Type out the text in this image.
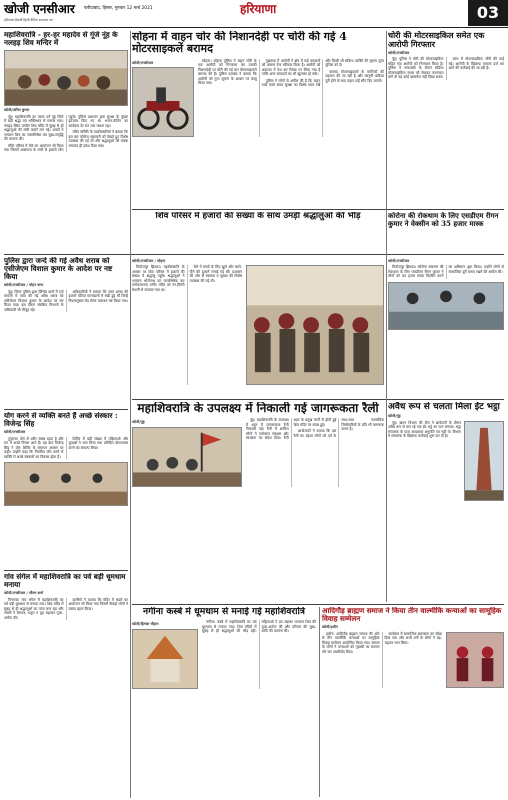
खोजी एनसीआर
हरियाणा-दिल्ली हिन्दी दैनिक समाचार पत्र
फरीदाबाद, हिसार, गुरुवार 12 मार्च 2021	हरियाणा	03
महाशिवरात्रि - हर-हर महादेव से गूंजे नूंह के नलहड़ शिव मन्दिर में
खोजी/अमित कुमार

नूंह। महाशिवरात्रि का पावन पर्व नूंह जिले में बड़ी श्रद्धा एवं भक्तिभाव से मनाया गया। नलहड़ स्थित प्राचीन शिव मंदिर में सुबह से ही श्रद्धालुओं की लंबी कतारें लग गईं। भक्तों ने भगवान शिव का जलाभिषेक कर सुख-समृद्धि की कामना की।

मंदिर परिसर में मेले का आयोजन भी किया गया जिसमें आसपास के गांवों से हजारों लोग पहुंचे। पुलिस प्रशासन द्वारा सुरक्षा के पुख्ता इंतजाम किए गए थे। भजन-कीर्तन का कार्यक्रम देर रात तक चलता रहा।

मंदिर समिति के पदाधिकारियों ने बताया कि इस बार कोरोना महामारी को देखते हुए विशेष व्यवस्था की गई थी और श्रद्धालुओं को मास्क लगाकर ही प्रवेश दिया गया।

सोहना में वाहन चोर की निशानदेही पर चोरी की गई 4 मोटरसाइकलें बरामद
खोजी/एनसीआर	सोहना। सोहना पुलिस ने वाहन चोरी के एक आरोपी को गिरफ्तार कर उसकी निशानदेही पर चोरी की गई चार मोटरसाइकलें बरामद की हैं। पुलिस प्रवक्ता ने बताया कि आरोपी को गुप्त सूचना के आधार पर काबू किया गया।

पूछताछ में आरोपी ने क्षेत्र में कई वारदातों को अंजाम देना स्वीकार किया है। आरोपी को अदालत में पेश कर रिमांड पर लिया गया है ताकि अन्य वारदातों का भी खुलासा हो सके।

पुलिस ने लोगों से अपील की है कि वाहन पार्क करते समय सुरक्षा का विशेष ध्यान रखें और किसी भी संदिग्ध व्यक्ति की सूचना तुरंत पुलिस को दें।

बरामद मोटरसाइकलों के मालिकों की पहचान की जा रही है और कानूनी प्रक्रिया पूरी होने के बाद वाहन उन्हें सौंप दिए जाएंगे।

चोरी की मोटरसाइकिल समेत एक आरोपी गिरफ्तार
खोजी/एनसीआर

नूंह। पुलिस ने चोरी की मोटरसाइकिल सहित एक आरोपी को गिरफ्तार किया है। पुलिस ने नाकाबंदी के दौरान संदिग्ध मोटरसाइकिल सवार को रोककर कागजात मांगे तो वह कोई दस्तावेज नहीं दिखा सका।

जांच में मोटरसाइकिल चोरी की पाई गई। आरोपी के खिलाफ मामला दर्ज कर आगे की कार्रवाई की जा रही है।

शिव परिसर में हजारों की संख्या के साथ उमड़ी श्रद्धालुओं की भीड़	कोरोना की रोकथाम के लिए एसडीएम रीगन कुमार ने वेक्सीन को 35 हजार मास्क
पुलिस द्वारा जन्दे की गई अवैध शराब को एसीजेएम विशाल कुमार के आदेश पर नष्ट किया
खोजी/एनसीआर / मोहन बग्गा

नूंह। जिला पुलिस द्वारा विभिन्न थानों में दर्ज मामलों में जब्त की गई अवैध शराब को एसीजेएम विशाल कुमार के आदेश पर नष्ट किया गया। इस दौरान संबंधित विभागों के अधिकारी भी मौजूद रहे।

अधिकारियों ने बताया कि जब्त शराब की हजारों पेटियां मालखानों में रखी हुई थीं जिन्हें नियमानुसार रोड रोलर चलाकर नष्ट किया गया।

खोजी/एनसीआर / सोहना

फिरोजपुर झिरका। महाशिवरात्रि के अवसर पर शिव परिसर में हजारों की संख्या में श्रद्धालु पहुंचे। श्रद्धालुओं ने भगवान भोलेनाथ का जलाभिषेक कर मनोकामनाएं मांगीं। मंदिर को रंग-बिरंगी रोशनी से सजाया गया था।

मेले में बच्चों के लिए झूले और खाने-पीने की दुकानें लगाई गई थीं। प्रशासन की ओर से स्वास्थ्य व सुरक्षा की विशेष व्यवस्था की गई थी।

खोजी/एनसीआर

फिरोजपुर झिरका। कोरोना संक्रमण की रोकथाम के लिए एसडीएम रीगन कुमार ने लोगों को 35 हजार मास्क वितरित करने का अभियान शुरू किया। उन्होंने लोगों से सामाजिक दूरी बनाए रखने की अपील की।

योग करने से व्यक्ति बनते हैं अच्छे संस्कार : विजेन्द्र सिंह
खोजी/एनसीआर

पुन्हाना। योग से शरीर स्वस्थ रहता है और मन में अच्छे विचार आते हैं। यह बात विजेन्द्र सिंह ने योग शिविर के समापन अवसर पर कही। उन्होंने कहा कि नियमित योग करने से व्यक्ति में अच्छे संस्कारों का विकास होता है।

शिविर में बड़ी संख्या में महिलाओं और युवाओं ने भाग लिया तथा प्रतिदिन योगाभ्यास करने का संकल्प लिया।

महाशिवरात्रि के उपलक्ष्य में निकाली गई जागरूकता रैली
खोजी/नूंह	नूंह। महाशिवरात्रि के उपलक्ष्य में शहर में जागरूकता रैली निकाली गई। रैली में शामिल लोगों ने पर्यावरण संरक्षण और स्वच्छता का संदेश दिया। रैली शहर के प्रमुख मार्गों से होती हुई शिव मंदिर पर संपन्न हुई।

आयोजकों ने बताया कि इस रैली का उद्देश्य लोगों को पर्व के साथ-साथ सामाजिक जिम्मेदारियों के प्रति भी जागरूक करना है।

अवैध रूप से चलता मिला ईंट भट्ठा
खोजी/नूंह

नूंह। खनन विभाग की टीम ने छापेमारी के दौरान अवैध रूप से चल रहे एक ईंट भट्ठे का पता लगाया। भट्ठा संचालक के पास आवश्यक अनुमति पत्र नहीं थे। विभाग ने संचालक के खिलाफ कार्रवाई शुरू कर दी है।

गांव संगेल में महाशिवरात्रि का पर्व बड़ी धूमधाम मनाया
खोजी/एनसीआर / सौरभ शर्मा

पिनगवां। गांव संगेल में महाशिवरात्रि का पर्व बड़ी धूमधाम से मनाया गया। शिव मंदिर में सुबह से ही श्रद्धालुओं का तांता लगा रहा और भक्तों ने बेलपत्र, धतूरा व दूध चढ़ाकर पूजा-अर्चना की।

ग्रामीणों ने बताया कि मंदिर में भंडारे का आयोजन भी किया गया जिसमें सैकड़ों लोगों ने प्रसाद ग्रहण किया।	नगीना कस्बे में धूमधाम से मनाई गई महाशिवरात्रि
खोजी/हिमांश चौहान	नगीना। कस्बे में महाशिवरात्रि का पर्व धूमधाम से मनाया गया। शिव मंदिरों में सुबह से ही श्रद्धालुओं की भीड़ रही। महिलाओं ने व्रत रखकर भगवान शिव की पूजा-अर्चना की और परिवार की सुख-शांति की कामना की।

आदिगौड़ ब्राह्मण समाज ने किया तीन वाल्मीकि कन्याओं का सामूहिक विवाह सम्मेलन
खोजी/हथीन

हथीन। आदिगौड़ ब्राह्मण समाज की ओर से तीन वाल्मीकि कन्याओं का सामूहिक विवाह सम्मेलन आयोजित किया गया। समाज के लोगों ने कन्याओं को गृहस्थी का सामान भेंट कर आशीर्वाद दिया।

कार्यक्रम में सामाजिक समरसता का संदेश दिया गया और सभी वर्गों के लोगों ने बढ़-चढ़कर भाग लिया।
